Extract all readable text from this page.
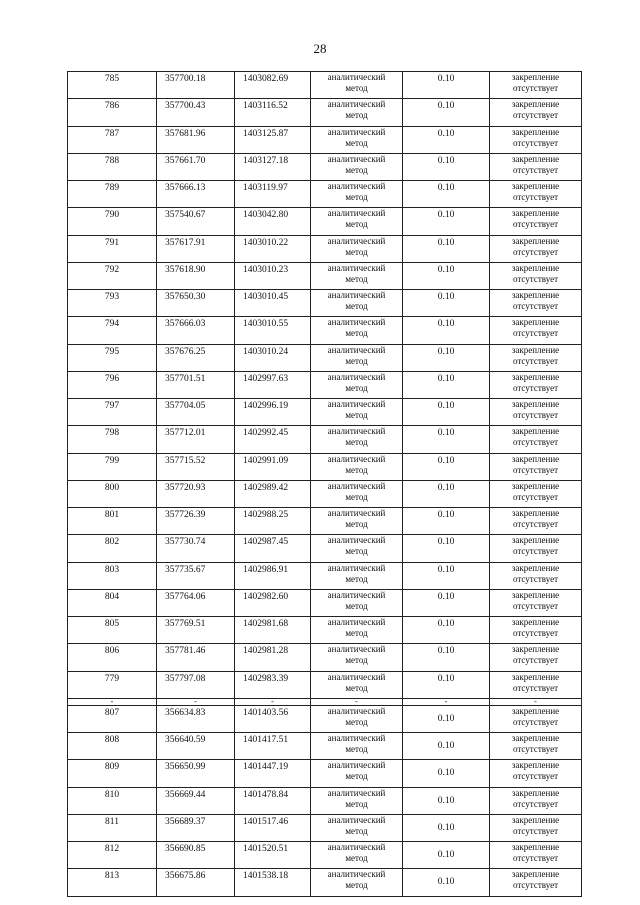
28
785	357700.18	1403082.69	аналитический
метод	0.10	закрепление
отсутствует

786	357700.43	1403116.52	аналитический
метод	0.10	закрепление
отсутствует

787	357681.96	1403125.87	аналитический
метод	0.10	закрепление
отсутствует

788	357661.70	1403127.18	аналитический
метод	0.10	закрепление
отсутствует

789	357666.13	1403119.97	аналитический
метод	0.10	закрепление
отсутствует

790	357540.67	1403042.80	аналитический
метод	0.10	закрепление
отсутствует

791	357617.91	1403010.22	аналитический
метод	0.10	закрепление
отсутствует

792	357618.90	1403010.23	аналитический
метод	0.10	закрепление
отсутствует

793	357650.30	1403010.45	аналитический
метод	0.10	закрепление
отсутствует

794	357666.03	1403010.55	аналитический
метод	0.10	закрепление
отсутствует

795	357676.25	1403010.24	аналитический
метод	0.10	закрепление
отсутствует

796	357701.51	1402997.63	аналитический
метод	0.10	закрепление
отсутствует

797	357704.05	1402996.19	аналитический
метод	0.10	закрепление
отсутствует

798	357712.01	1402992.45	аналитический
метод	0.10	закрепление
отсутствует

799	357715.52	1402991.09	аналитический
метод	0.10	закрепление
отсутствует

800	357720.93	1402989.42	аналитический
метод	0.10	закрепление
отсутствует

801	357726.39	1402988.25	аналитический
метод	0.10	закрепление
отсутствует

802	357730.74	1402987.45	аналитический
метод	0.10	закрепление
отсутствует

803	357735.67	1402986.91	аналитический
метод	0.10	закрепление
отсутствует

804	357764.06	1402982.60	аналитический
метод	0.10	закрепление
отсутствует

805	357769.51	1402981.68	аналитический
метод	0.10	закрепление
отсутствует

806	357781.46	1402981.28	аналитический
метод	0.10	закрепление
отсутствует

779	357797.08	1402983.39	аналитический
метод	0.10	закрепление
отсутствует

-	-	-	-	-	-
807	356634.83	1401403.56	аналитический
метод	0.10	закрепление
отсутствует

808	356640.59	1401417.51	аналитический
метод	0.10	закрепление
отсутствует

809	356650.99	1401447.19	аналитический
метод	0.10	закрепление
отсутствует

810	356669.44	1401478.84	аналитический
метод	0.10	закрепление
отсутствует

811	356689.37	1401517.46	аналитический
метод	0.10	закрепление
отсутствует

812	356690.85	1401520.51	аналитический
метод	0.10	закрепление
отсутствует

813	356675.86	1401538.18	аналитический
метод	0.10	закрепление
отсутствует
